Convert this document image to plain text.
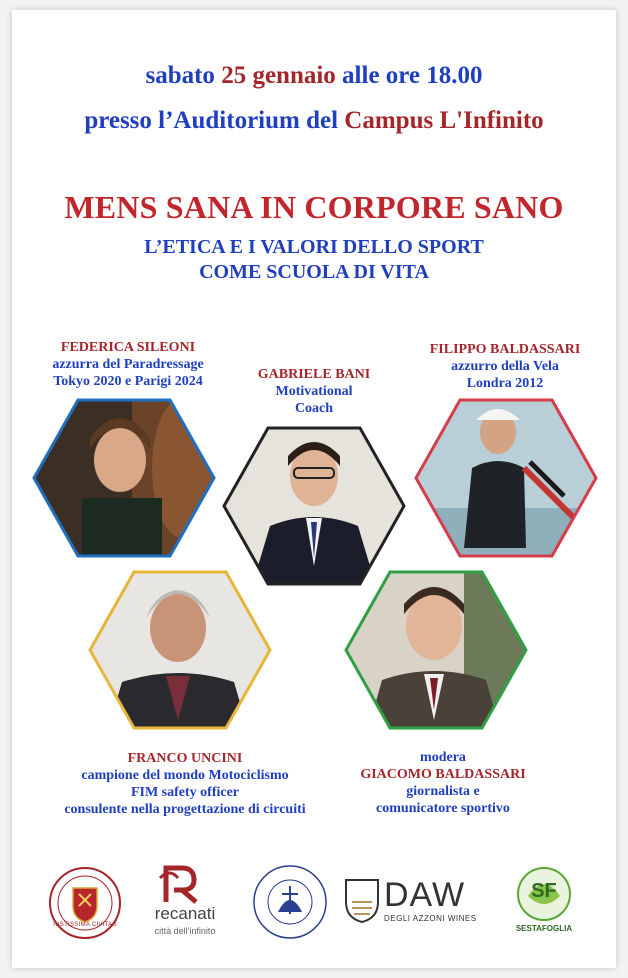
sabato 25 gennaio alle ore 18.00
presso l’Auditorium del Campus L'Infinito
MENS SANA IN CORPORE SANO
L’ETICA E I VALORI DELLO SPORT
COME SCUOLA DI VITA
FEDERICA SILEONI
azzurra del Paradressage
Tokyo 2020 e Parigi 2024	GABRIELE BANI
Motivational
Coach
FILIPPO BALDASSARI
azzurro della Vela
Londra 2012
FRANCO UNCINI
campione del mondo Motociclismo
FIM safety officer
consulente nella progettazione di circuiti
modera
GIACOMO BALDASSARI
giornalista e
comunicatore sportivo
IUSTISSIMA CIVITAS
recanati
città dell'infinito
DAW
DEGLI AZZONI WINES
SF
SESTAFOGLIA
